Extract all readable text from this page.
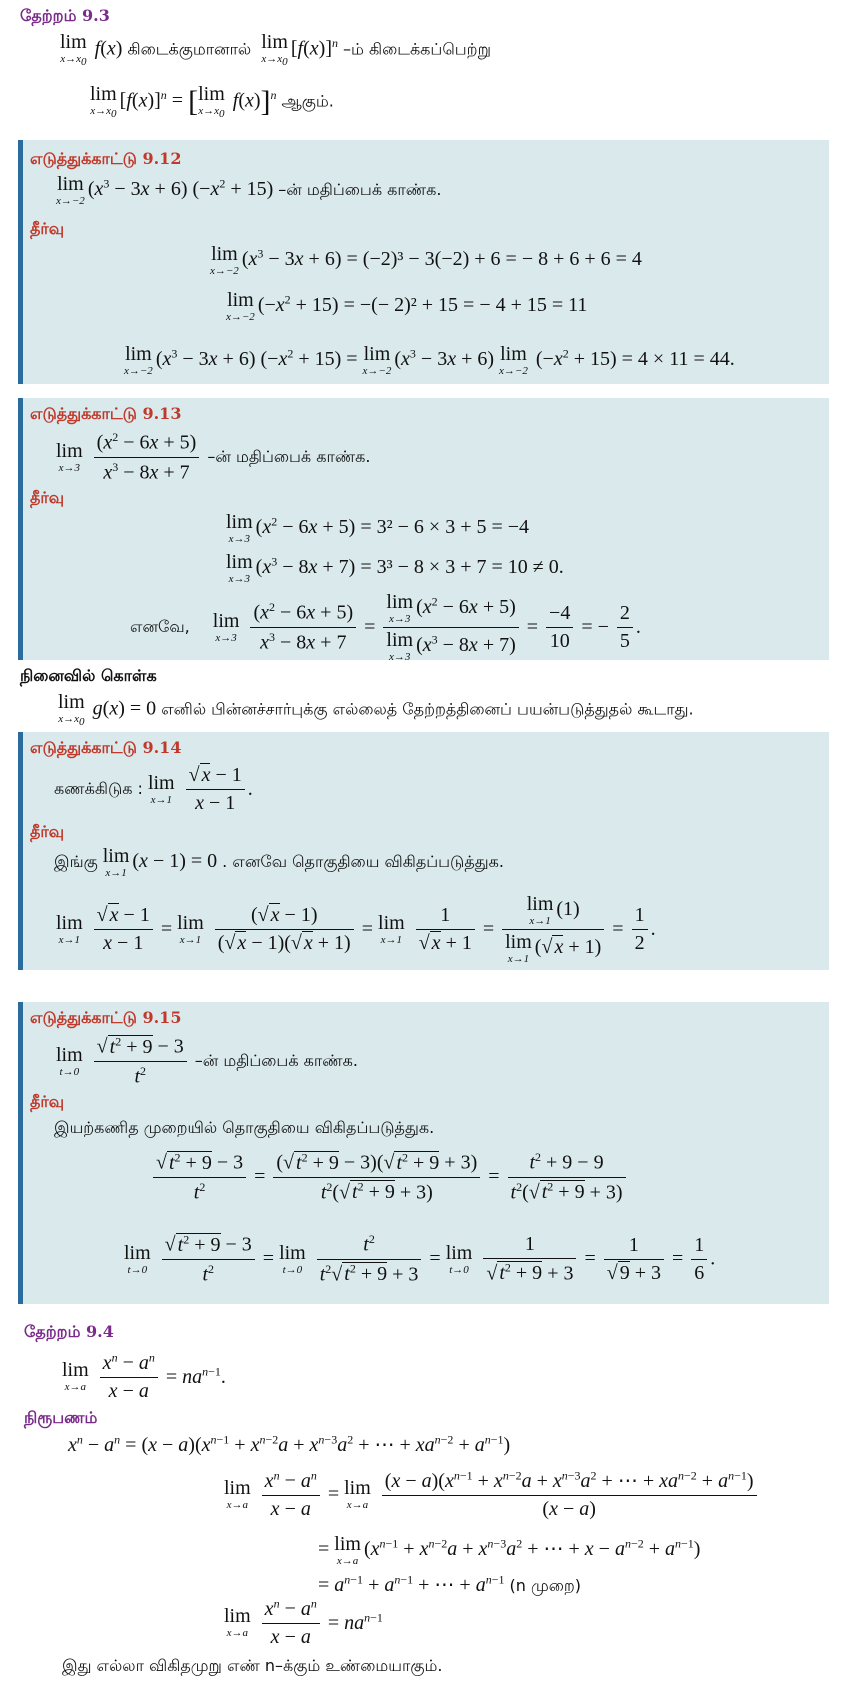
தேற்றம் 9.3
lim
$x\to x_0$
f(x) கிடைக்குமானால் lim
$x\to x_0$
$[f(x)]^n$ –ம் கிடைக்கப்பெற்று
lim
$x\to x_0$
$[f(x)]^n = [\lim$
$x\to x_0$
f(x)]$^n$ ஆகும்.
எடுத்துக்காட்டு 9.12
lim
x→−2
$(x^3 - 3x + 6) (-x^2 + 15)$ –ன் மதிப்பைக் காண்க.
தீர்வு
lim
x→−2
$(x^3 - 3x + 6) = (-2)^3 - 3(-2) + 6$ = − 8 + 6 + 6 = 4
lim
x→−2
$(-x^2 + 15)$ = −(− 2)² + 15 = − 4 + 15 = 11
lim
x→−2
$(x^3 - 3x + 6) (-x^2 + 15) = \lim$
x→−2
$(x^3 - 3x + 6)$ lim
x→−2
$(-x^2 + 15) = 4 \times 11 = 44$.
எடுத்துக்காட்டு 9.13
lim
x→3
$\frac{(x^2 - 6x + 5)}{x^3 - 8x + 7}$ –ன் மதிப்பைக் காண்க.
தீர்வு
lim
x→3
$(x^2 - 6x + 5) = 3^2 - 6 \times 3 + 5 = -4$
lim
x→3
$(x^3 - 8x + 7) = 3^3 - 8 \times 3 + 7 = 10 \ne 0$.
எனவே, lim
x→3
$\frac{(x^2 - 6x + 5)}{x^3 - 8x + 7} = \lim$
x→3
$(x^2 - 6x + 5)$
lim
x→3
$(x^3 - 8x + 7) = \frac{-4}{10}$ = − $\frac{2}{5}$ .
நினைவில் கொள்க
lim
$x\to x_0$
g(x) = 0 எனில் பின்னச்சார்புக்கு எல்லைத் தேற்றத்தினைப் பயன்படுத்துதல் கூடாது.
எடுத்துக்காட்டு 9.14
கணக்கிடுக : lim
x→1
$\frac{√ x - 1}{x - 1}$ .
தீர்வு
இங்கு lim
x→1
(x − 1) = 0 . எனவே தொகுதியை விகிதப்படுத்துக.
lim
x→1
$\frac{√ x - 1}{x - 1} = \lim$
x→1
$\frac{(√ x - 1)}{(√ x - 1)(√ x + 1)} = \lim$
x→1
$\frac{1}{√ x + 1} = \lim$
x→1
(1)
lim
x→1
(√ $x + 1) = \frac{1}{2}$ .
எடுத்துக்காட்டு 9.15
lim
t→0
$\frac{√ t^2 + 9 - 3}{t^2}$ –ன் மதிப்பைக் காண்க.
தீர்வு
இயற்கணித முறையில் தொகுதியை விகிதப்படுத்துக.
$\frac{√ t^2 + 9 - 3}{t^2} = \frac{(√ t^2 + 9 - 3)(√ t^2 + 9 + 3)}{t^2(√ t^2 + 9 + 3)} = \frac{t^2 + 9 - 9}{t^2(√ t^2 + 9 + 3)}$
lim
t→0
$\frac{√ t^2 + 9 - 3}{t^2} = \lim$
t→0
$\frac{t^2}{t^2√ t^2 + 9 + 3} = \lim$
t→0
$\frac{1}{√ t^2 + 9 + 3} = \frac{1}{√ 9 + 3} = \frac{1}{6}$ .
தேற்றம் 9.4
lim
x→a
$\frac{x^n - a^n}{x - a} = na^{n-1}$.
நிரூபணம்
$x^n - a^n = (x - a)(x^{n-1} + x^{n-2}a + x^{n-3}a^2$ + ⋯ + $xa^{n-2} + a^{n-1}$)
lim
x→a
$\frac{x^n - a^n}{x - a} = \lim$
x→a
$\frac{(x - a)(x^{n-1} + x^{n-2}a + x^{n-3}a^2 + \cdots + xa^{n-2} + a^{n-1})}{(x - a)}$
= lim
x→a
($x^{n-1} + x^{n-2}a + x^{n-3}a^2$ + ⋯ + $x - a^{n-2} + a^{n-1}$)
= $a^{n-1} + a^{n-1}$ + ⋯ + $a^{n-1}$ (n முறை)
lim
x→a
$\frac{x^n - a^n}{x - a} = na^{n-1}$
இது எல்லா விகிதமுறு எண் n–க்கும் உண்மையாகும்.
